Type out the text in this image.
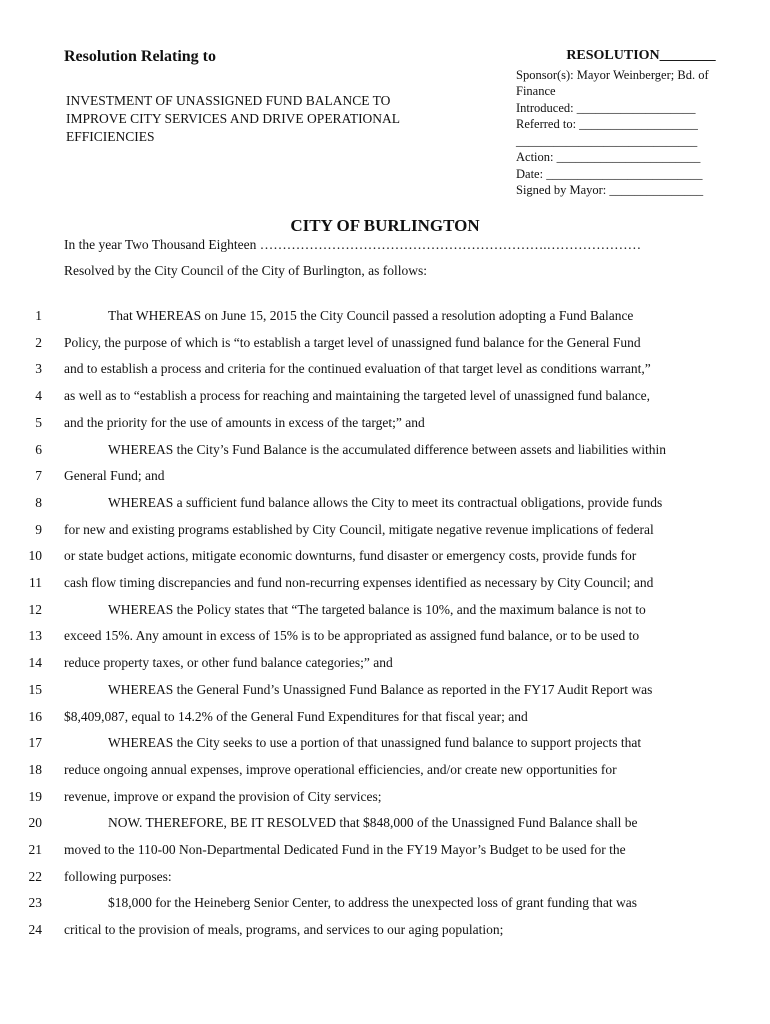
Resolution Relating to
INVESTMENT OF UNASSIGNED FUND BALANCE TO
IMPROVE CITY SERVICES AND DRIVE OPERATIONAL
EFFICIENCIES
RESOLUTION________
Sponsor(s): Mayor Weinberger; Bd. of
Finance
Introduced: ___________________
Referred to: ___________________
_____________________________
Action: _______________________
Date: _________________________
Signed by Mayor: _______________
CITY OF BURLINGTON
In the year Two Thousand Eighteen ……………………………………………………….…………………
Resolved by the City Council of the City of Burlington, as follows:
1	That WHEREAS on June 15, 2015 the City Council passed a resolution adopting a Fund Balance
2 Policy, the purpose of which is “to establish a target level of unassigned fund balance for the General Fund
3 and to establish a process and criteria for the continued evaluation of that target level as conditions warrant,”
4 as well as to “establish a process for reaching and maintaining the targeted level of unassigned fund balance,
5 and the priority for the use of amounts in excess of the target;” and
6	WHEREAS the City’s Fund Balance is the accumulated difference between assets and liabilities within
7 General Fund; and
8	WHEREAS a sufficient fund balance allows the City to meet its contractual obligations, provide funds
9 for new and existing programs established by City Council, mitigate negative revenue implications of federal
10 or state budget actions, mitigate economic downturns, fund disaster or emergency costs, provide funds for
11 cash flow timing discrepancies and fund non-recurring expenses identified as necessary by City Council; and
12	WHEREAS the Policy states that “The targeted balance is 10%, and the maximum balance is not to
13 exceed 15%. Any amount in excess of 15% is to be appropriated as assigned fund balance, or to be used to
14 reduce property taxes, or other fund balance categories;” and
15	WHEREAS the General Fund’s Unassigned Fund Balance as reported in the FY17 Audit Report was
16 $8,409,087, equal to 14.2% of the General Fund Expenditures for that fiscal year; and
17	WHEREAS the City seeks to use a portion of that unassigned fund balance to support projects that
18 reduce ongoing annual expenses, improve operational efficiencies, and/or create new opportunities for
19 revenue, improve or expand the provision of City services;
20	NOW. THEREFORE, BE IT RESOLVED that $848,000 of the Unassigned Fund Balance shall be
21 moved to the 110-00 Non-Departmental Dedicated Fund in the FY19 Mayor’s Budget to be used for the
22 following purposes:
23	$18,000 for the Heineberg Senior Center, to address the unexpected loss of grant funding that was
24 critical to the provision of meals, programs, and services to our aging population;
